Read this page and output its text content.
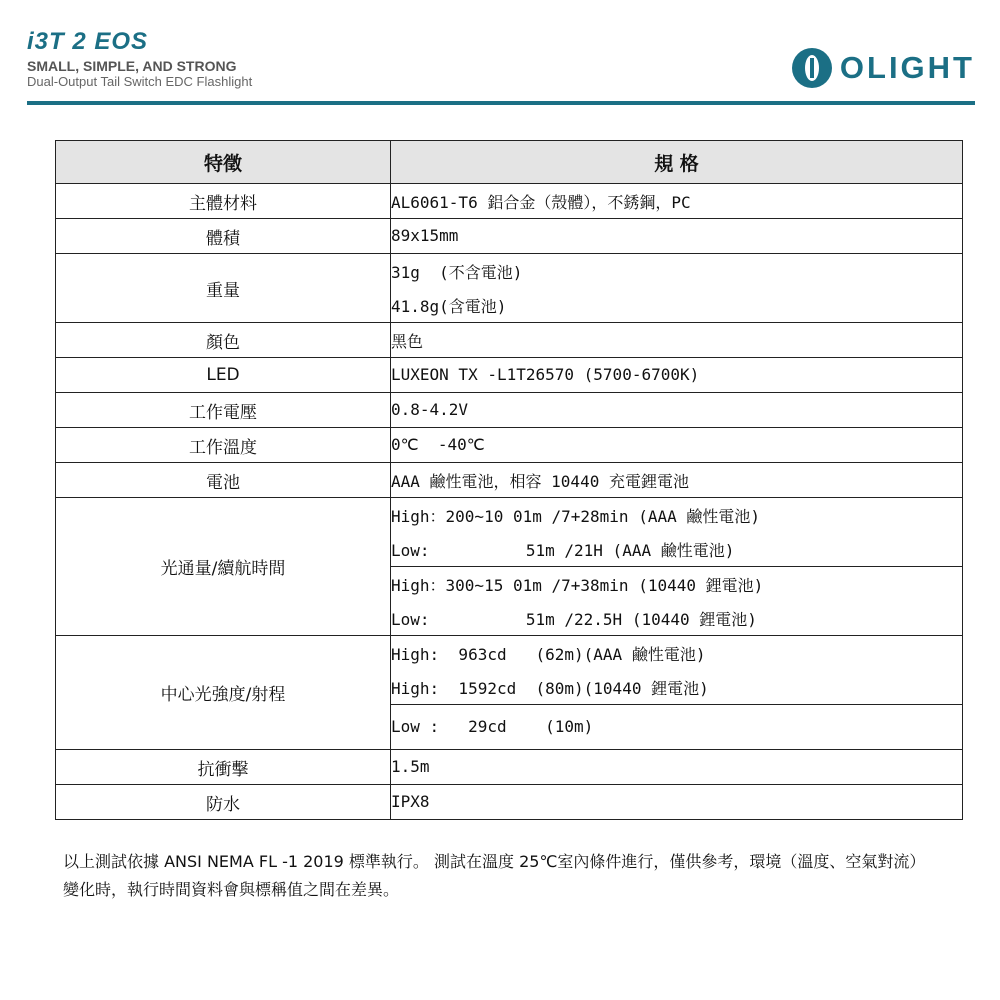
i3T 2 EOS
SMALL, SIMPLE, AND STRONG
Dual-Output Tail Switch EDC Flashlight	OLIGHT
特徵	規 格
主體材料	AL6061-T6 鋁合金（殼體），不銹鋼，PC
體積	89x15mm
重量	31g  (不含電池)
	41.8g(含電池)
顏色	黑色
LED	LUXEON TX -L1T26570 (5700-6700K)
工作電壓	0.8-4.2V
工作溫度	0℃  -40℃
電池	AAA 鹼性電池，相容 10440 充電鋰電池
光通量/續航時間	High：200~10 01m /7+28min (AAA 鹼性電池)
	Low:          51m /21H (AAA 鹼性電池)
	High：300~15 01m /7+38min (10440 鋰電池)
	Low:          51m /22.5H (10440 鋰電池)
中心光強度/射程	High:  963cd   (62m)(AAA 鹼性電池)
	High:  1592cd  (80m)(10440 鋰電池)
	Low :   29cd    (10m)
抗衝擊	1.5m
防水	IPX8
以上測試依據 ANSI NEMA FL -1 2019 標準執行。 測試在溫度 25℃室內條件進行，僅供參考，環境（溫度、空氣對流）變化時，執行時間資料會與標稱值之間在差異。
